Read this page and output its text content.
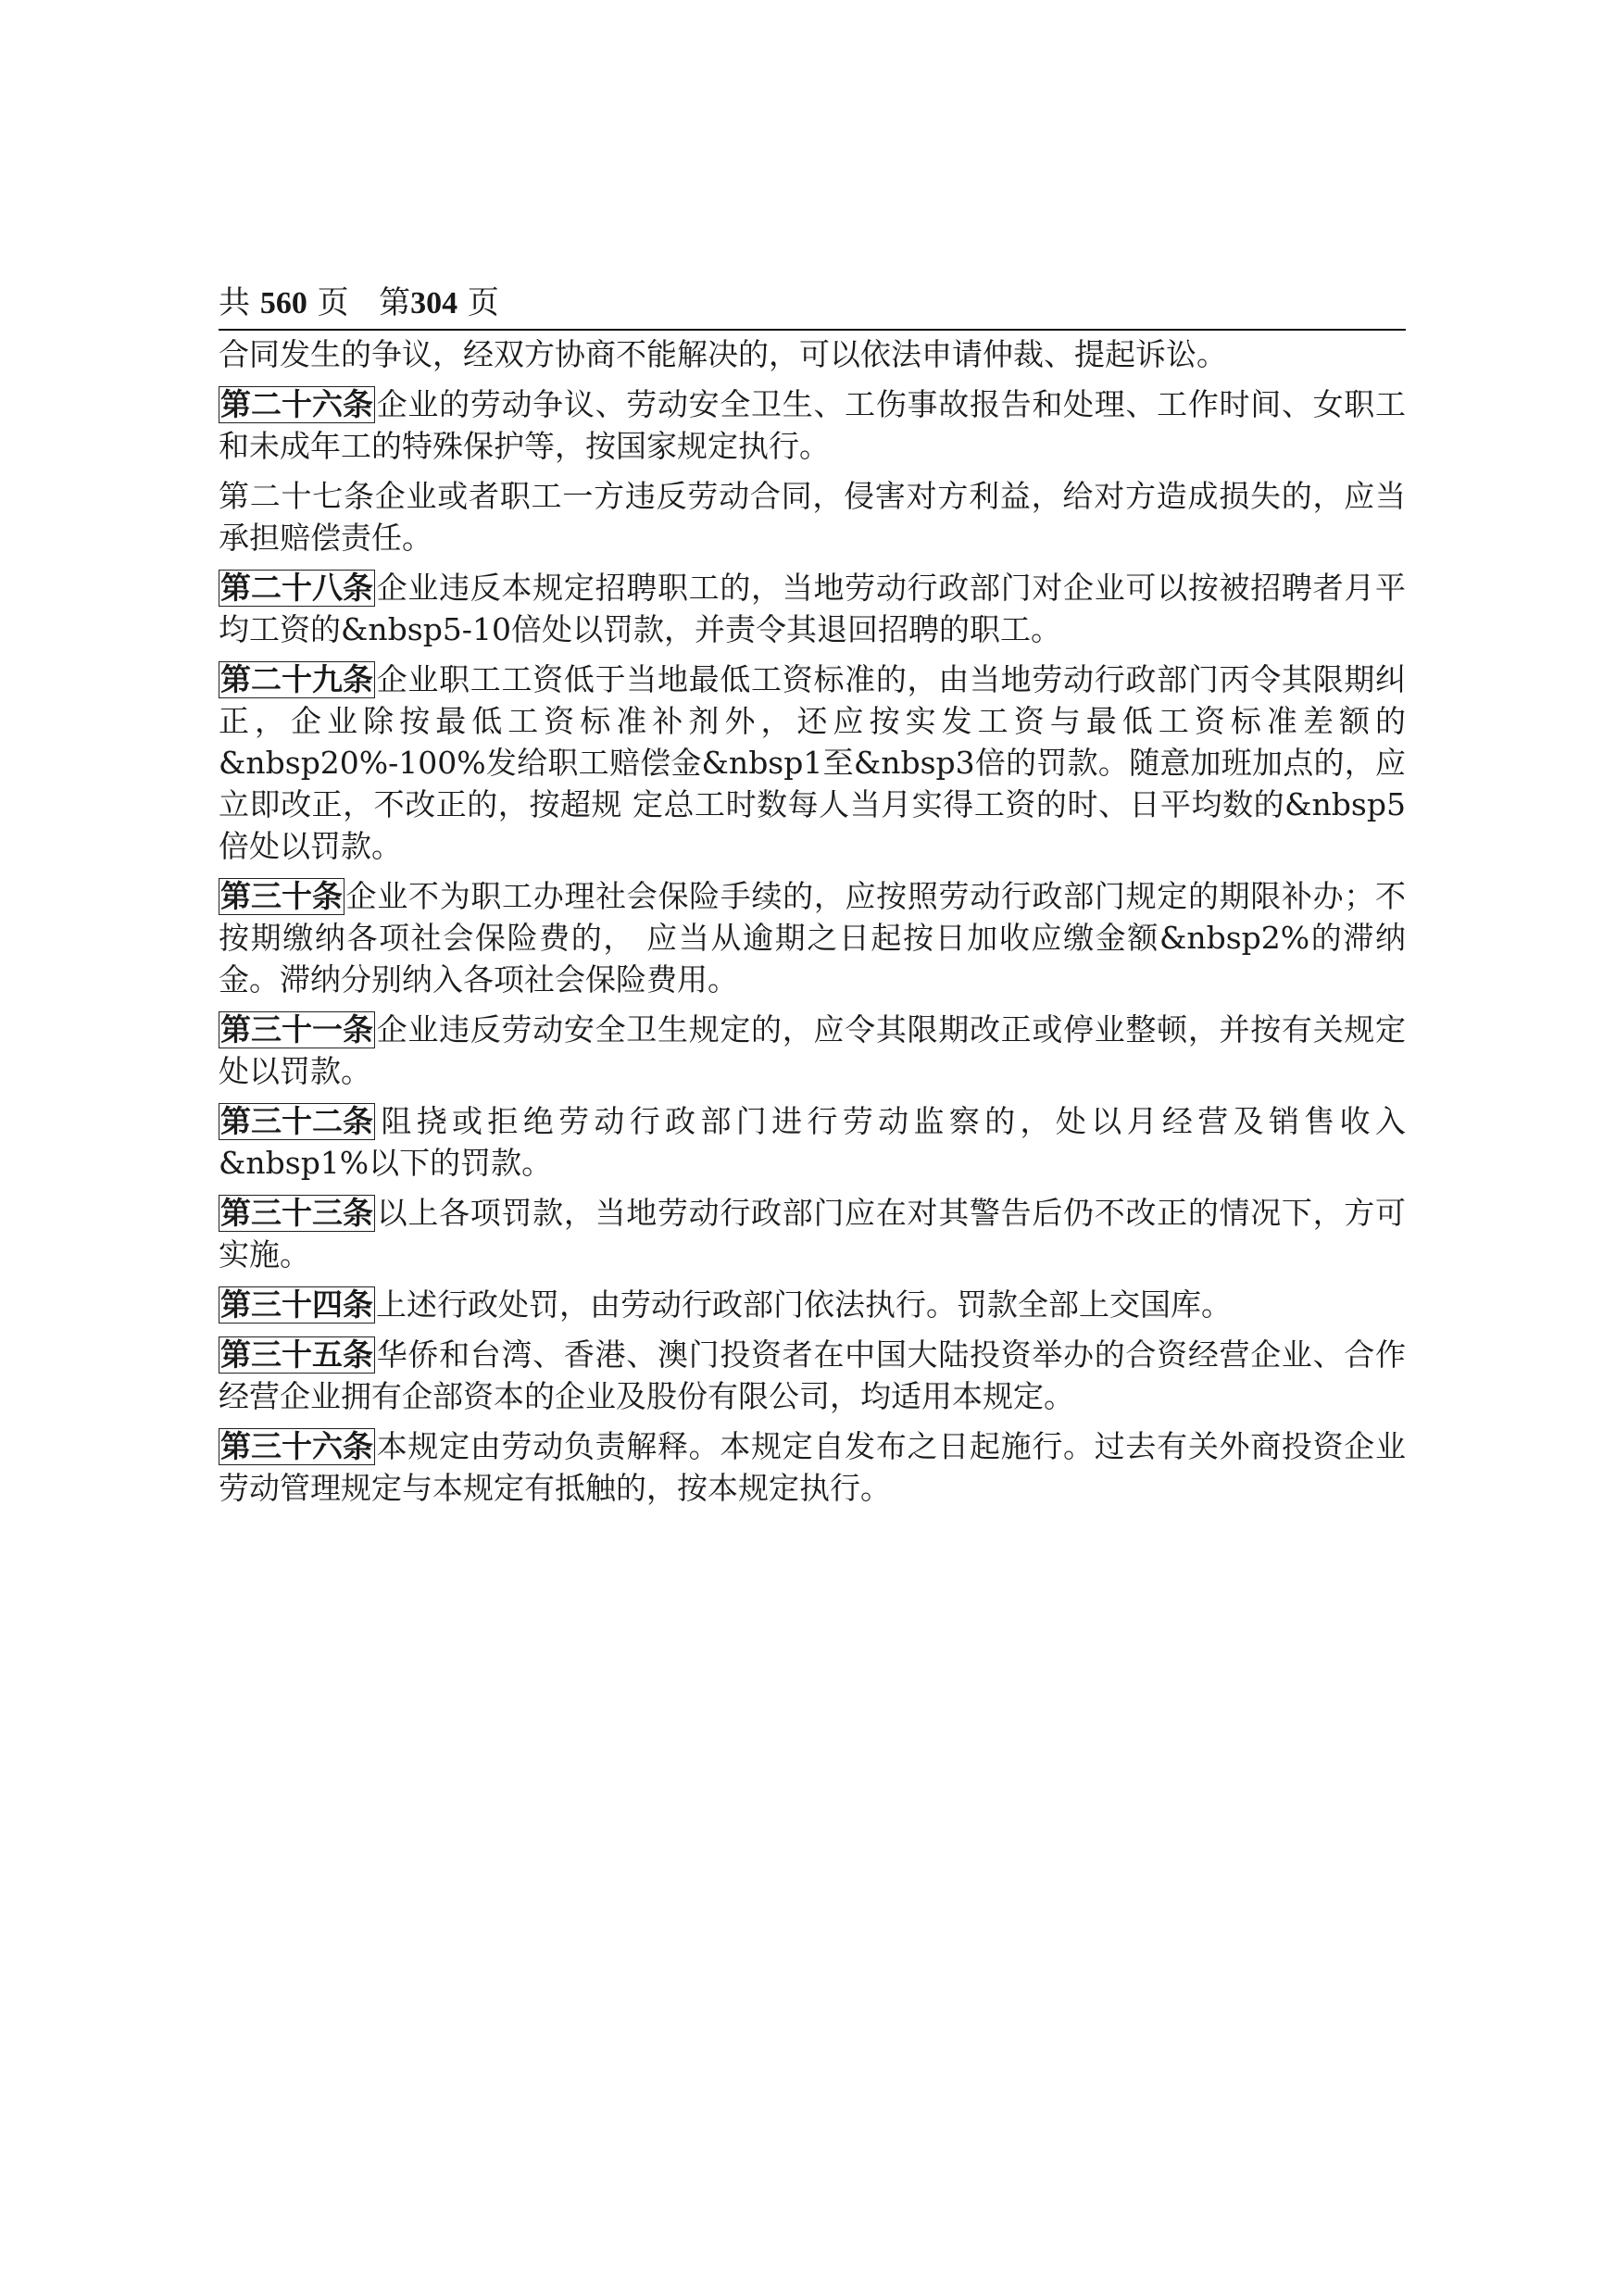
共 560 页 第304 页

合同发生的争议，经双方协商不能解决的，可以依法申请仲裁、提起诉讼。

第二十六条企业的劳动争议、劳动安全卫生、工伤事故报告和处理、工作时间、女职工和未成年工的特殊保护等，按国家规定执行。

第二十七条企业或者职工一方违反劳动合同，侵害对方利益，给对方造成损失的，应当承担赔偿责任。

第二十八条企业违反本规定招聘职工的，当地劳动行政部门对企业可以按被招聘者月平均工资的&nbsp5-10倍处以罚款，并责令其退回招聘的职工。

第二十九条企业职工工资低于当地最低工资标准的，由当地劳动行政部门丙令其限期纠正，企业除按最低工资标准补剂外，还应按实发工资与最低工资标准差额的 &nbsp20%-100%发给职工赔偿金&nbsp1至&nbsp3倍的罚款。随意加班加点的，应立即改正，不改正的，按超规 定总工时数每人当月实得工资的时、日平均数的&nbsp5倍处以罚款。

第三十条企业不为职工办理社会保险手续的，应按照劳动行政部门规定的期限补办；不按期缴纳各项社会保险费的， 应当从逾期之日起按日加收应缴金额&nbsp2%的滞纳金。滞纳分别纳入各项社会保险费用。

第三十一条企业违反劳动安全卫生规定的，应令其限期改正或停业整顿，并按有关规定处以罚款。

第三十二条阻挠或拒绝劳动行政部门进行劳动监察的，处以月经营及销售收入&nbsp1%以下的罚款。

第三十三条以上各项罚款，当地劳动行政部门应在对其警告后仍不改正的情况下，方可实施。

第三十四条上述行政处罚，由劳动行政部门依法执行。罚款全部上交国库。

第三十五条华侨和台湾、香港、澳门投资者在中国大陆投资举办的合资经营企业、合作经营企业拥有企部资本的企业及股份有限公司，均适用本规定。

第三十六条本规定由劳动负责解释。本规定自发布之日起施行。过去有关外商投资企业劳动管理规定与本规定有抵触的，按本规定执行。
